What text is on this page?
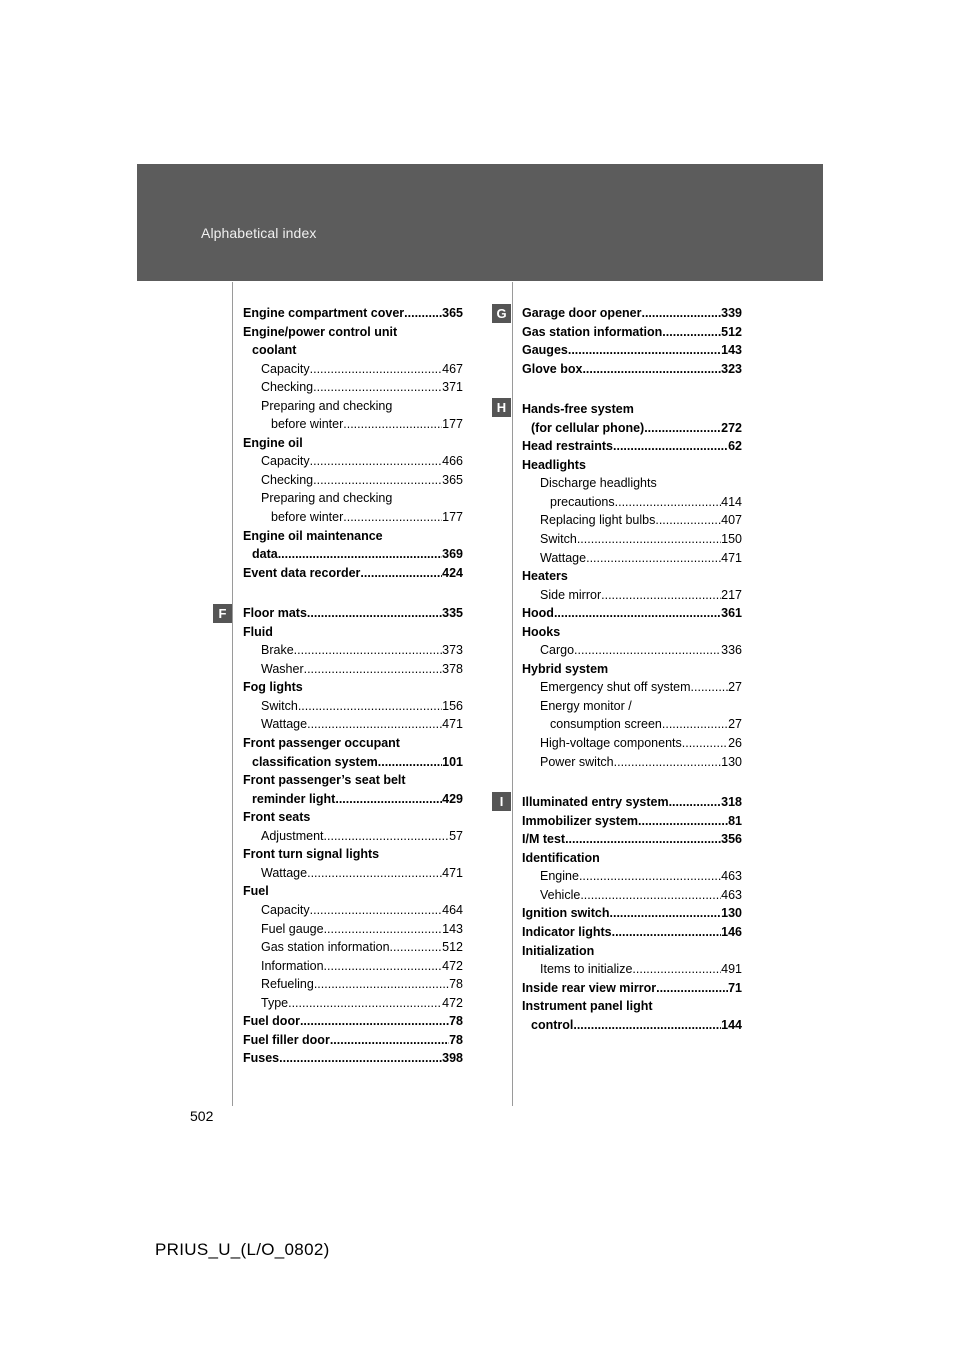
Alphabetical index
F
G
H
I
Engine compartment cover .....	365
Engine/power control unit
coolant
Capacity .....	467
Checking .....	371
Preparing and checking
before winter .....	177
Engine oil
Capacity .....	466
Checking .....	365
Preparing and checking
before winter .....	177
Engine oil maintenance
data .....	369
Event data recorder .....	424
Floor mats .....	335
Fluid
Brake .....	373
Washer .....	378
Fog lights
Switch .....	156
Wattage .....	471
Front passenger occupant
classification system .....	101
Front passenger’s seat belt
reminder light .....	429
Front seats
Adjustment .....	57
Front turn signal lights
Wattage .....	471
Fuel
Capacity .....	464
Fuel gauge .....	143
Gas station information .....	512
Information .....	472
Refueling .....	78
Type .....	472
Fuel door .....	78
Fuel filler door .....	78
Fuses .....	398
Garage door opener .....	339
Gas station information .....	512
Gauges .....	143
Glove box .....	323
Hands-free system
(for cellular phone) .....	272
Head restraints .....	62
Headlights
Discharge headlights
precautions .....	414
Replacing light bulbs .....	407
Switch .....	150
Wattage .....	471
Heaters
Side mirror .....	217
Hood .....	361
Hooks
Cargo .....	336
Hybrid system
Emergency shut off system .....	27
Energy monitor /
consumption screen .....	27
High-voltage components .....	26
Power switch .....	130
Illuminated entry system .....	318
Immobilizer system .....	81
I/M test .....	356
Identification
Engine .....	463
Vehicle .....	463
Ignition switch .....	130
Indicator lights .....	146
Initialization
Items to initialize .....	491
Inside rear view mirror .....	71
Instrument panel light
control .....	144
502
PRIUS_U_(L/O_0802)
